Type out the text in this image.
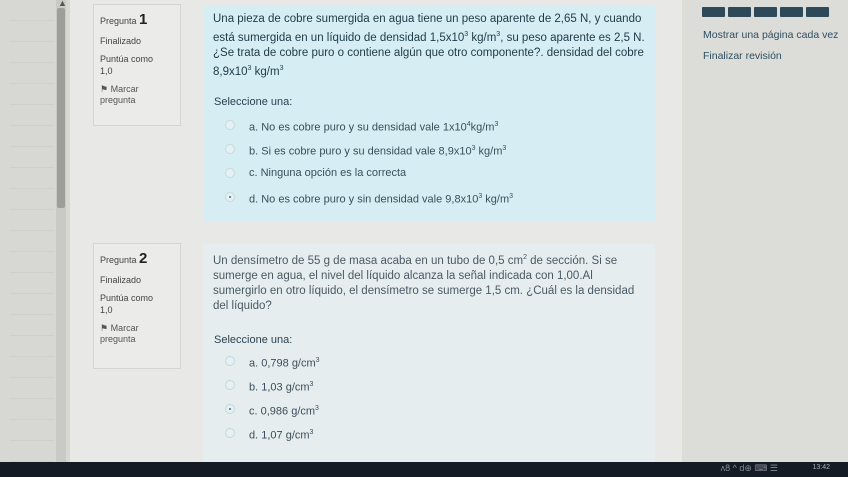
▲
Pregunta 1
Finalizado
Puntúa como
1,0
⚑ Marcar pregunta
Una pieza de cobre sumergida en agua tiene un peso aparente de 2,65 N, y cuando está sumergida en un líquido de densidad $1,5x10^3$ $kg/m^3$, su peso aparente es 2,5 N. ¿Se trata de cobre puro o contiene algún que otro componente?. densidad del cobre $8,9x10^3$ $kg/m^3$
Seleccione una:
a. No es cobre puro y su densidad vale $1x10^4kg/m^3$
b. Si es cobre puro y su densidad vale $8,9x10^3$ $kg/m^3$
c. Ninguna opción es la correcta
d. No es cobre puro y sin densidad vale $9,8x10^3$ $kg/m^3$
Pregunta 2
Finalizado
Puntúa como
1,0
⚑ Marcar pregunta
Un densímetro de 55 g de masa acaba en un tubo de 0,5 $cm^2$ de sección. Si se sumerge en agua, el nivel del líquido alcanza la señal indicada con 1,00.Al sumergirlo en otro líquido, el densímetro se sumerge 1,5 cm. ¿Cuál es la densidad del líquido?
Seleccione una:
a. 0,798 $g/cm^3$
b. 1,03 $g/cm^3$
c. 0,986 $g/cm^3$
d. 1,07 $g/cm^3$
Mostrar una página cada vez
Finalizar revisión
ʌ8 ^ d⊕ ⌨ ☰	13:42
